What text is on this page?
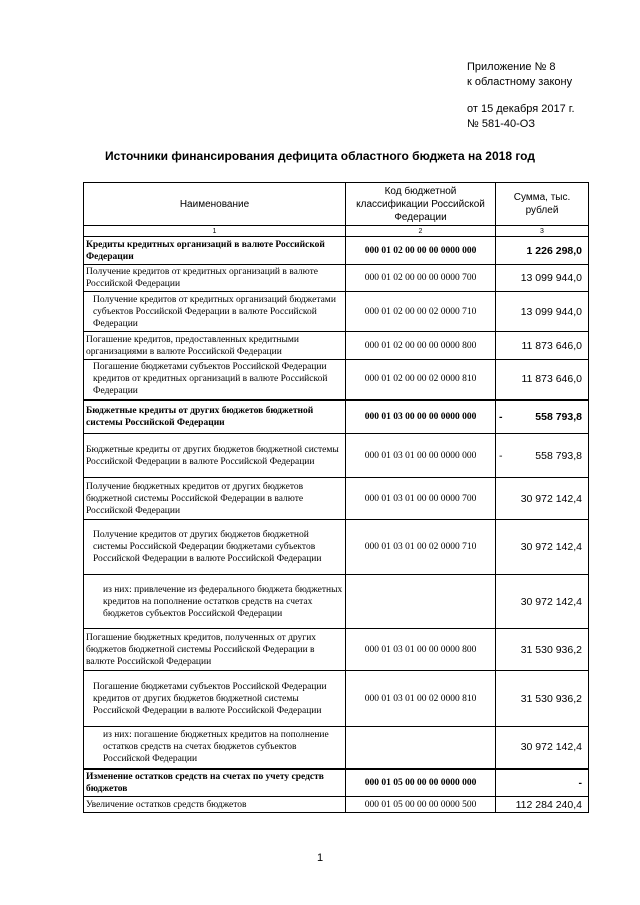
Приложение № 8
к областному закону
от 15 декабря 2017 г.
№ 581-40-ОЗ
Источники финансирования дефицита областного бюджета на 2018 год
Наименование	Код бюджетной классификации Российской Федерации	Сумма, тыс. рублей
1	2	3
Кредиты кредитных организаций в валюте Российской Федерации	000 01 02 00 00 00 0000 000	1 226 298,0
Получение кредитов от кредитных организаций в валюте Российской Федерации	000 01 02 00 00 00 0000 700	13 099 944,0
Получение кредитов от кредитных организаций бюджетами субъектов Российской Федерации в валюте Российской Федерации	000 01 02 00 00 02 0000 710	13 099 944,0
Погашение кредитов, предоставленных кредитными организациями в валюте Российской Федерации	000 01 02 00 00 00 0000 800	11 873 646,0
Погашение бюджетами субъектов Российской Федерации кредитов от кредитных организаций в валюте Российской Федерации	000 01 02 00 00 02 0000 810	11 873 646,0
Бюджетные кредиты от других бюджетов бюджетной системы Российской Федерации	000 01 03 00 00 00 0000 000	- 558 793,8
Бюджетные кредиты от других бюджетов бюджетной системы Российской Федерации в валюте Российской Федерации	000 01 03 01 00 00 0000 000	- 558 793,8
Получение бюджетных кредитов от других бюджетов бюджетной системы Российской Федерации в валюте Российской Федерации	000 01 03 01 00 00 0000 700	30 972 142,4
Получение кредитов от других бюджетов бюджетной системы Российской Федерации бюджетами субъектов Российской Федерации в валюте Российской Федерации	000 01 03 01 00 02 0000 710	30 972 142,4
из них: привлечение из федерального бюджета бюджетных кредитов на пополнение остатков средств на счетах бюджетов субъектов Российской Федерации		30 972 142,4
Погашение бюджетных кредитов, полученных от других бюджетов бюджетной системы Российской Федерации в валюте Российской Федерации	000 01 03 01 00 00 0000 800	31 530 936,2
Погашение бюджетами субъектов Российской Федерации кредитов от других бюджетов бюджетной системы Российской Федерации в валюте Российской Федерации	000 01 03 01 00 02 0000 810	31 530 936,2
из них: погашение бюджетных кредитов на пополнение остатков средств на счетах бюджетов субъектов Российской Федерации		30 972 142,4
Изменение остатков средств на счетах по учету средств бюджетов	000 01 05 00 00 00 0000 000	-
Увеличение остатков средств бюджетов	000 01 05 00 00 00 0000 500	112 284 240,4
1
